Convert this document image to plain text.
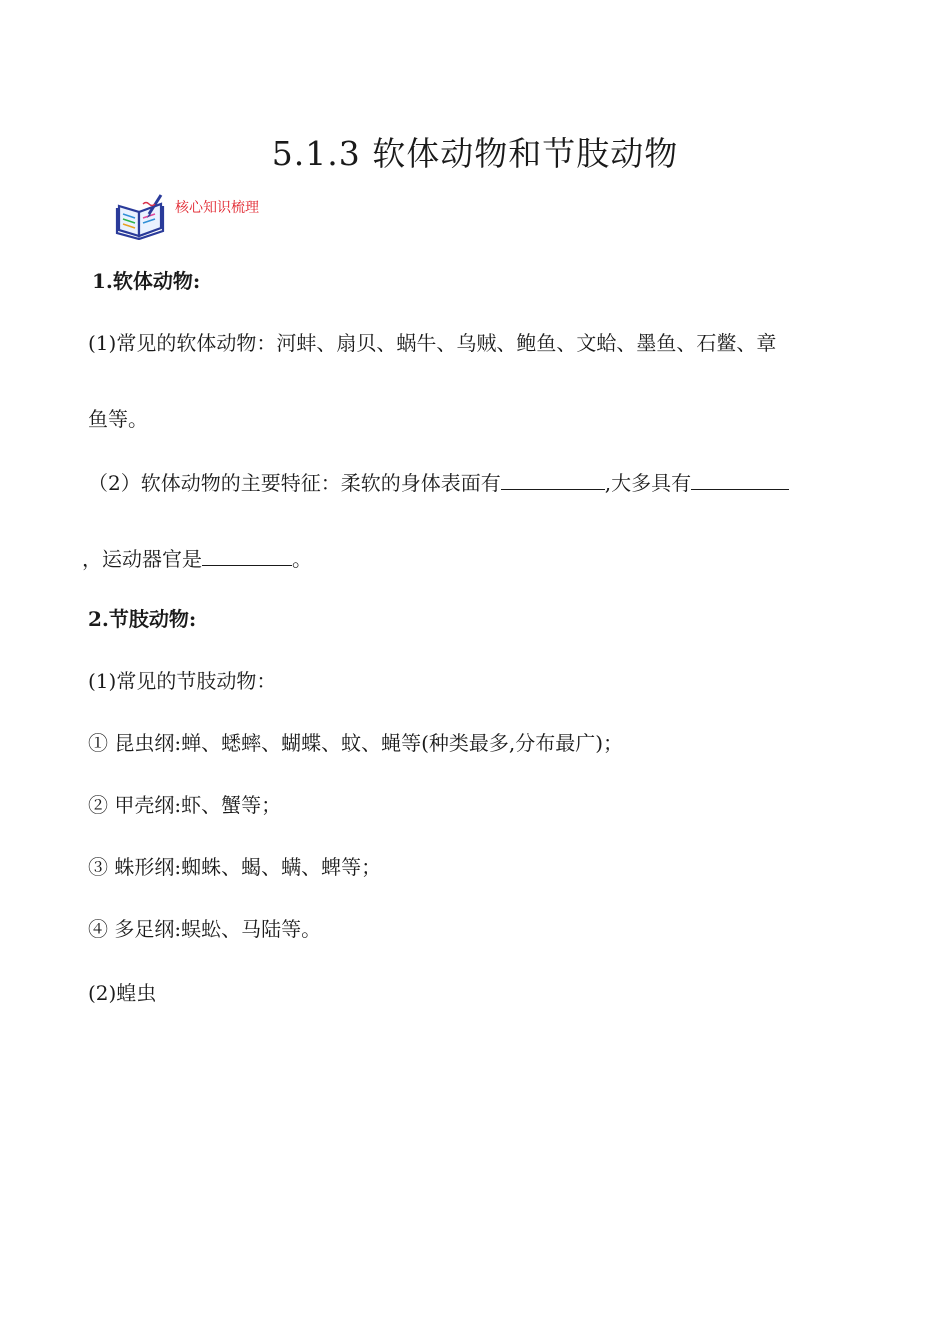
5.1.3 软体动物和节肢动物
核心知识梳理
1.软体动物:
(1)常见的软体动物：河蚌、扇贝、蜗牛、乌贼、鲍鱼、文蛤、墨鱼、石鳖、章
鱼等。
（2）软体动物的主要特征：柔软的身体表面有	,大多具有
，运动器官是	。
2.节肢动物:
(1)常见的节肢动物：
① 昆虫纲:蝉、蟋蟀、蝴蝶、蚊、蝇等(种类最多,分布最广)；
② 甲壳纲:虾、蟹等；
③ 蛛形纲:蜘蛛、蝎、螨、蜱等；
④ 多足纲:蜈蚣、马陆等。
(2)蝗虫
